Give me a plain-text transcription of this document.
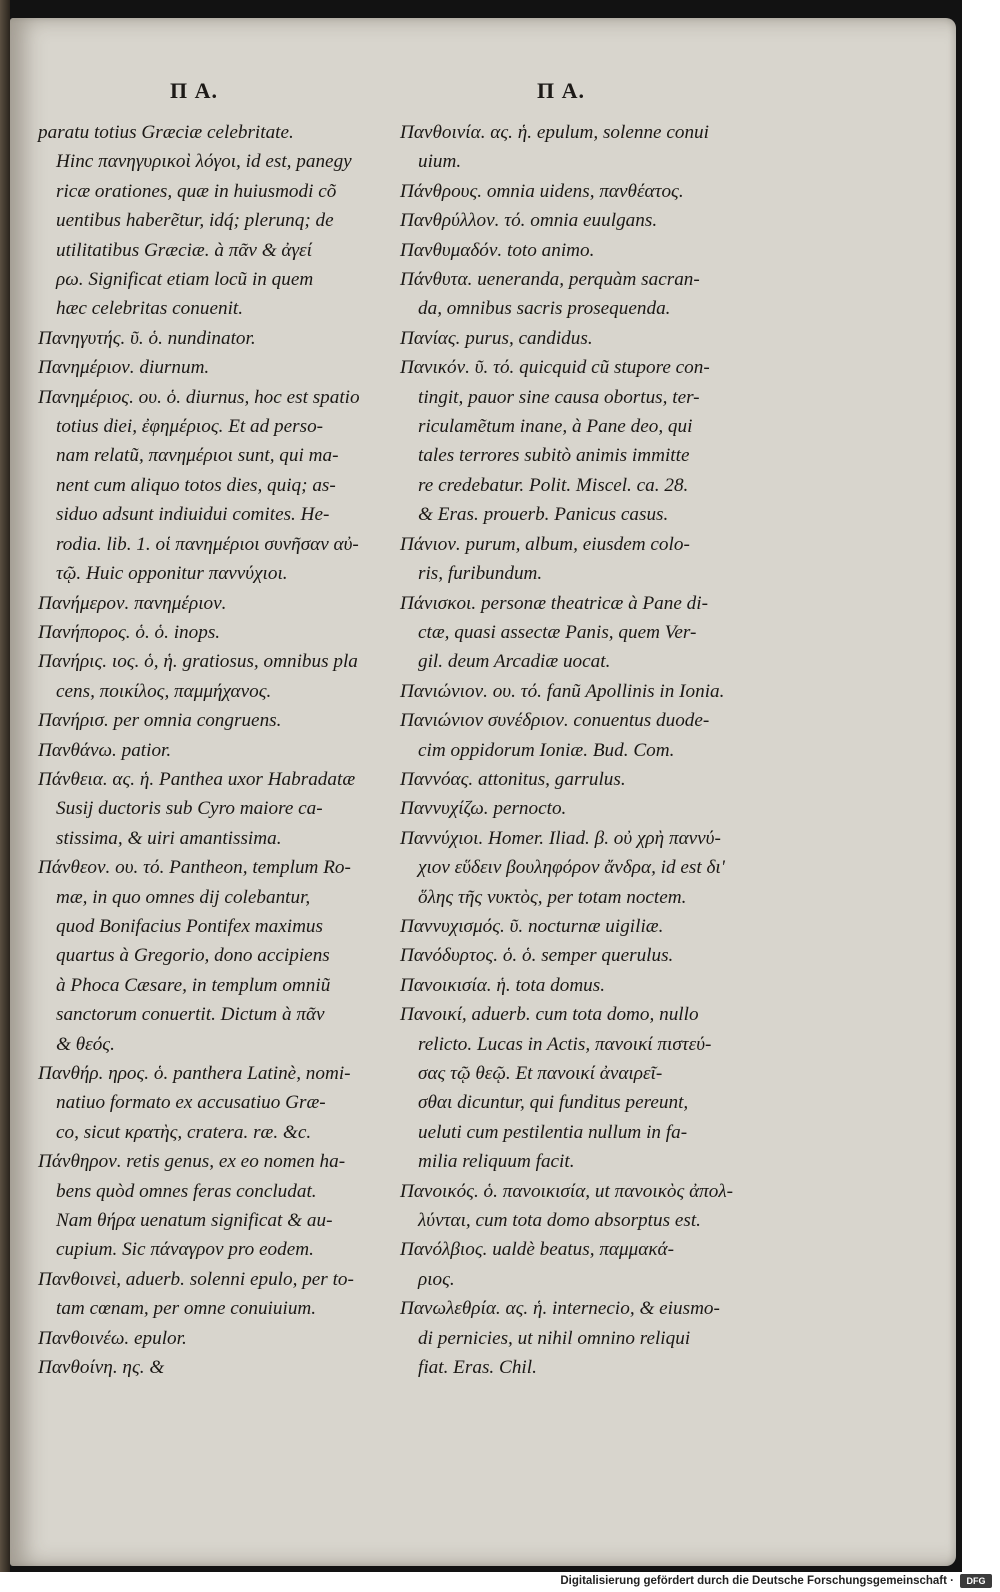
Π A.	Π A.
paratu totius Græciæ celebritate.
Hinc πανηγυρικοὶ λόγοι, id est, panegy
ricæ orationes, quæ in huiusmodi cõ
uentibus haberẽtur, idq́; plerunq; de
utilitatibus Græciæ. à πᾶν & ἀγεί
ρω. Significat etiam locũ in quem
hæc celebritas conuenit.
Πανηγυτής. ῦ. ὁ. nundinator.
Πανημέριον. diurnum.
Πανημέριος. ου. ὁ. diurnus, hoc est spatio
totius diei, ἐφημέριος. Et ad perso-
nam relatũ, πανημέριοι sunt, qui ma-
nent cum aliquo totos dies, quiq; as-
siduo adsunt indiuidui comites. He-
rodia. lib. 1. οἱ πανημέριοι συνῆσαν αὐ-
τῷ. Huic opponitur παννύχιοι.
Πανήμερον. πανημέριον.
Πανήπορος. ὁ. ὁ. inops.
Πανήρις. ιος. ὁ, ἡ. gratiosus, omnibus pla
cens, ποικίλος, παμμήχανος.
Πανήρισ. per omnia congruens.
Πανθάνω. patior.
Πάνθεια. ας. ἡ. Panthea uxor Habradatæ
Susij ductoris sub Cyro maiore ca-
stissima, & uiri amantissima.
Πάνθεον. ου. τό. Pantheon, templum Ro-
mæ, in quo omnes dij colebantur,
quod Bonifacius Pontifex maximus
quartus à Gregorio, dono accipiens
à Phoca Cæsare, in templum omniũ
sanctorum conuertit. Dictum à πᾶν
& θεός.
Πανθήρ. ηρος. ὁ. panthera Latinè, nomi-
natiuo formato ex accusatiuo Græ-
co, sicut κρατὴς, cratera. ræ. &c.
Πάνθηρον. retis genus, ex eo nomen ha-
bens quòd omnes feras concludat.
Nam θήρα uenatum significat & au-
cupium. Sic πάναγρον pro eodem.
Πανθοινεὶ, aduerb. solenni epulo, per to-
tam cœnam, per omne conuiuium.
Πανθοινέω. epulor.
Πανθοίνη. ης. &
Πανθοινία. ας. ἡ. epulum, solenne conui
uium.
Πάνθρους. omnia uidens, πανθέατος.
Πανθρύλλον. τό. omnia euulgans.
Πανθυμαδόν. toto animo.
Πάνθυτα. ueneranda, perquàm sacran-
da, omnibus sacris prosequenda.
Πανίας. purus, candidus.
Πανικόν. ῦ. τό. quicquid cũ stupore con-
tingit, pauor sine causa obortus, ter-
riculamẽtum inane, à Pane deo, qui
tales terrores subitò animis immitte
re credebatur. Polit. Miscel. ca. 28.
& Eras. prouerb. Panicus casus.
Πάνιον. purum, album, eiusdem colo-
ris, furibundum.
Πάνισκοι. personæ theatricæ à Pane di-
ctæ, quasi assectæ Panis, quem Ver-
gil. deum Arcadiæ uocat.
Πανιώνιον. ου. τό. fanũ Apollinis in Ionia.
Πανιώνιον συνέδριον. conuentus duode-
cim oppidorum Ioniæ. Bud. Com.
Παννόας. attonitus, garrulus.
Παννυχίζω. pernocto.
Παννύχιοι. Homer. Iliad. β. οὐ χρὴ παννύ-
χιον εὕδειν βουληφόρον ἄνδρα, id est δι'
ὅλης τῆς νυκτὸς, per totam noctem.
Παννυχισμός. ῦ. nocturnæ uigiliæ.
Πανόδυρτος. ὁ. ὁ. semper querulus.
Πανοικισία. ἡ. tota domus.
Πανοικί, aduerb. cum tota domo, nullo
relicto. Lucas in Actis, πανοικί πιστεύ-
σας τῷ θεῷ. Et πανοικί ἀναιρεῖ-
σθαι dicuntur, qui funditus pereunt,
ueluti cum pestilentia nullum in fa-
milia reliquum facit.
Πανοικός. ὁ. πανοικισία, ut πανοικὸς ἀπολ-
λύνται, cum tota domo absorptus est.
Πανόλβιος. ualdè beatus, παμμακά-
ριος.
Πανωλεθρία. ας. ἡ. internecio, & eiusmo-
di pernicies, ut nihil omnino reliqui
fiat. Eras. Chil.
Digitalisierung gefördert durch die Deutsche Forschungsgemeinschaft ·	DFG
